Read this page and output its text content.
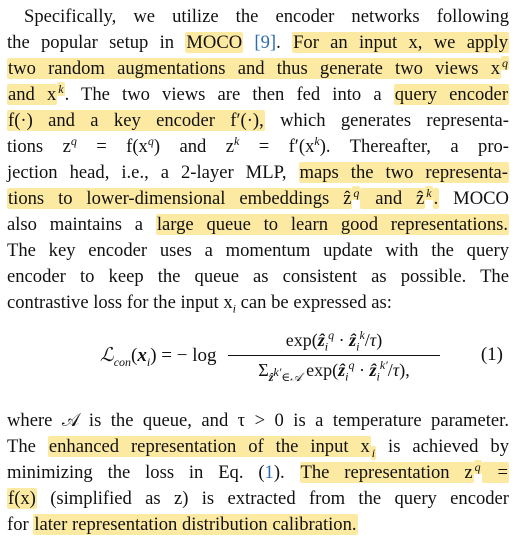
Specifically, we utilize the encoder networks following
the popular setup in MOCO [9]. For an input x, we apply
two random augmentations and thus generate two views x $^q$
and x $^k$. The two views are then fed into a query encoder
f(·) and a key encoder f′(·), which generates representa-
tions $z^q = f(x^q)$ and $z^k = f'(x^k)$. Thereafter, a pro-
jection head, i.e., a 2-layer MLP, maps the two representa-
tions to lower-dimensional embeddings ẑ $^q$ and ẑ $^k$ . MOCO
also maintains a large queue to learn good representations.
The key encoder uses a momentum update with the query
encoder to keep the queue as consistent as possible. The
contrastive loss for the input $x_i$ can be expressed as:
$ℒ_{con}(x_i)$ = − log
exp(ẑ$_i^q$ · ẑ$_i^k$/τ)
$\Sigma_{ẑ^{k'}\in 𝒜}$ exp(ẑ$_i^q$ · ẑ$_i^{k'}$/τ),
(1)
where 𝒜 is the queue, and τ > 0 is a temperature parameter.
The enhanced representation of the input x $_i$ is achieved by
minimizing the loss in Eq. (1). The representation z $^q$ =
f(x) (simplified as z) is extracted from the query encoder
for later representation distribution calibration.
